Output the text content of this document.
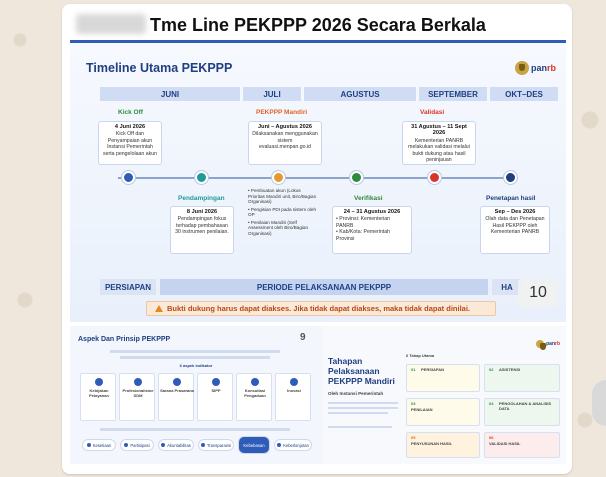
Tme Line PEKPPP 2026 Secara Berkala
Timeline Utama PEKPPP	panrb
JUNI	JULI	AGUSTUS	SEPTEMBER	OKT–DES
Kick Off	PEKPPP Mandiri	Validasi
4 Juni 2026
Kick Off dan Penyampaian akun Instansi Pemerintah serta pengelolaan akun
Juni – Agustus 2026
Dilaksanakan menggunakan sistem evaluasi.menpan.go.id
31 Agustus – 11 Sept 2026
Kementerian PANRB melakukan validasi melalui bukti dukung atau hasil peninjauan
Pendampingan	Verifikasi	Penetapan hasil
• Pembuatan akun (Lokus Prioritas Mandiri unit, Biro/Bagian Organisasi)
• Pengisian PDI pada sistem oleh OP
• Penilaian Mandiri (Self Assessment oleh Biro/Bagian Organisasi)
8 Juni 2026
Pendampingan fokus terhadap pembahasan 30 instrumen penilaian.
24 – 31 Agustus 2026
• Provinsi: Kementerian PANRB
• Kab/Kota: Pemerintah Provinsi
Sep – Des 2026
Olah data dan Penetapan Hasil PEKPPP oleh Kementerian PANRB
PERSIAPAN	PERIODE PELAKSANAAN PEKPPP	HA
Bukti dukung harus dapat diakses. Jika tidak dapat diakses, maka tidak dapat dinilai.
10
Aspek Dan Prinsip PEKPPP	9
6 aspek indikator
Kebijakan Pelayanan
Profesionalisme SDM
Sarana Prasarana	SIPP	Konsultasi Pengaduan
Inovasi
Kesetiaan	Partisipasi	Akuntabilitas	Transparansi	Kebebasan	Keberlanjutan
Tahapan
Pelaksanaan
PEKPPP Mandiri
Oleh Instansi Pemerintah
panrb
6 Tahap Utama
01 PERSIAPAN	02 ASISTENSI
03
PENILAIAN
04 PENGOLAHAN & ANALISIS DATA
05
PENYUSUNAN HASIL
06
VALIDASI HASIL
